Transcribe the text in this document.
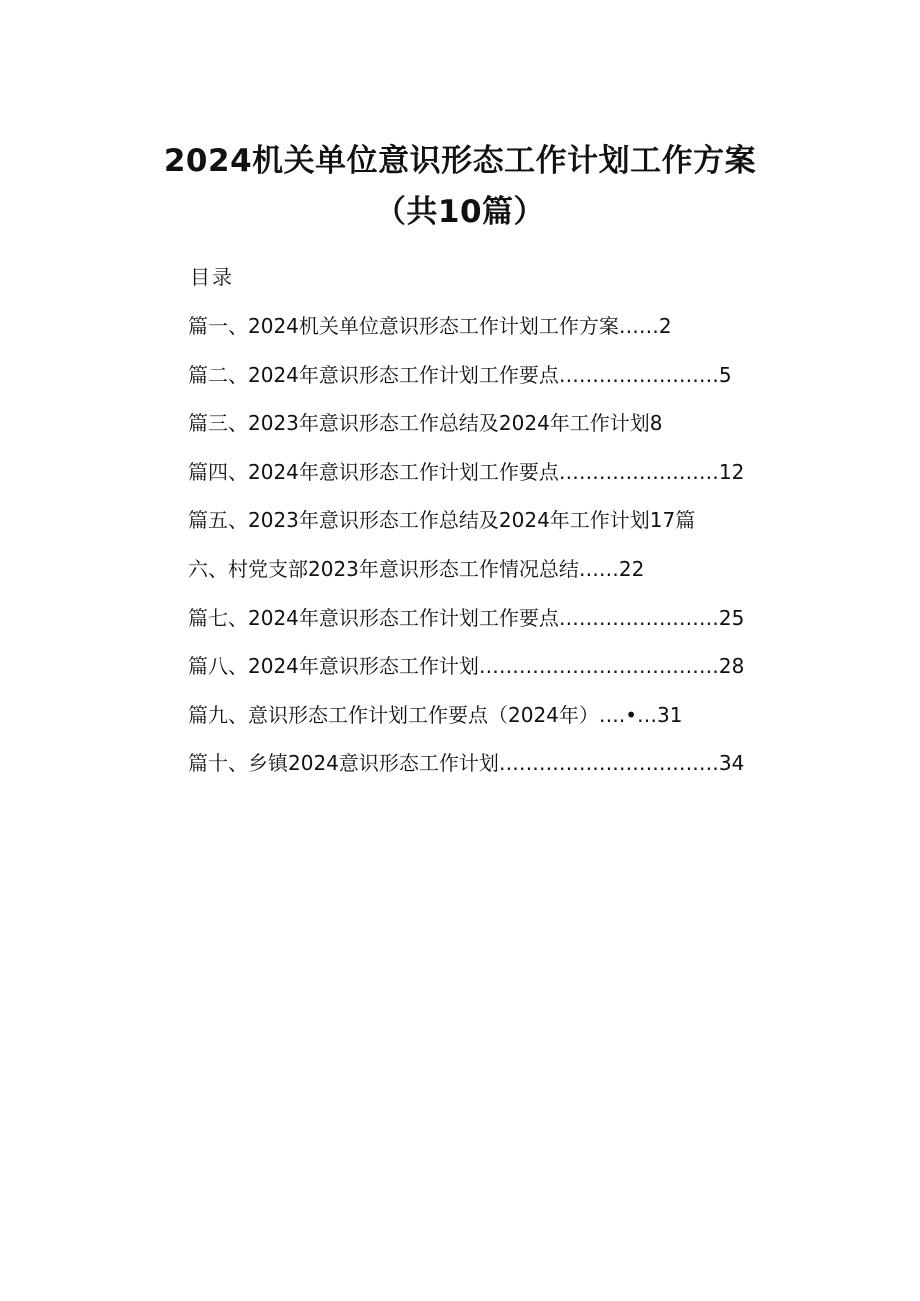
2024机关单位意识形态工作计划工作方案
（共10篇）
目录
篇一、2024机关单位意识形态工作计划工作方案……2
篇二、2024年意识形态工作计划工作要点……………………5
篇三、2023年意识形态工作总结及2024年工作计划8
篇四、2024年意识形态工作计划工作要点……………………12
篇五、2023年意识形态工作总结及2024年工作计划17篇
六、村党支部2023年意识形态工作情况总结……22
篇七、2024年意识形态工作计划工作要点……………………25
篇八、2024年意识形态工作计划………………………………28
篇九、意识形态工作计划工作要点（2024年）….•…31
篇十、乡镇2024意识形态工作计划……………………………34
